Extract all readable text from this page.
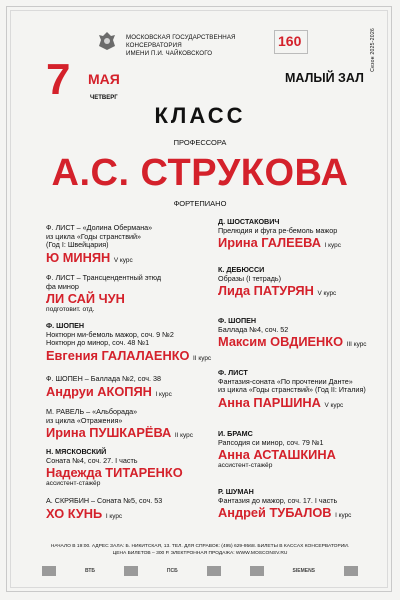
МОСКОВСКАЯ ГОСУДАРСТВЕННАЯ КОНСЕРВАТОРИЯ
ИМЕНИ П.И. ЧАЙКОВСКОГО
160	Сезон 2025-2026
7 МАЯ
ЧЕТВЕРГ
МАЛЫЙ ЗАЛ
КЛАСС
ПРОФЕССОРА
А.С. СТРУКОВА
ФОРТЕПИАНО
Ф. ЛИСТ – «Долина Обермана»
из цикла «Годы странствий»
(Год I: Швейцария)
Ю МИНЯН V курс
Ф. ЛИСТ – Трансцендентный этюд
фа минор
ЛИ САЙ ЧУН
подготовит. отд.
Ф. ШОПЕН
Ноктюрн ми-бемоль мажор, соч. 9 №2
Ноктюрн до минор, соч. 48 №1
Евгения ГАЛАЛАЕНКО II курс
Ф. ШОПЕН – Баллада №2, соч. 38
Андруи АКОПЯН I курс
М. РАВЕЛЬ – «Альборада»
из цикла «Отражения»
Ирина ПУШКАРЁВА II курс
Н. МЯСКОВСКИЙ
Соната №4, соч. 27. I часть
Надежда ТИТАРЕНКО
ассистент-стажёр
А. СКРЯБИН – Соната №5, соч. 53
ХО КУНЬ I курс
Д. ШОСТАКОВИЧ
Прелюдия и фуга ре-бемоль мажор
Ирина ГАЛЕЕВА I курс
К. ДЕБЮССИ
Образы (I тетрадь)
Лида ПАТУРЯН V курс
Ф. ШОПЕН
Баллада №4, соч. 52
Максим ОВДИЕНКО III курс
Ф. ЛИСТ
Фантазия-соната «По прочтении Данте»
из цикла «Годы странствий» (Год II: Италия)
Анна ПАРШИНА V курс
И. БРАМС
Рапсодия си минор, соч. 79 №1
Анна АСТАШКИНА
ассистент-стажёр
Р. ШУМАН
Фантазия до мажор, соч. 17. I часть
Андрей ТУБАЛОВ I курс
НАЧАЛО В 19:00. АДРЕС ЗАЛА: Б. НИКИТСКАЯ, 13. ТЕЛ. ДЛЯ СПРАВОК: (495) 629-9568. БИЛЕТЫ В КАССАХ КОНСЕРВАТОРИИ.
ЦЕНА БИЛЕТОВ – 300 Р. ЭЛЕКТРОННАЯ ПРОДАЖА: WWW.MOSCONSV.RU
ВТБ	ПСБ	SIEMENS
